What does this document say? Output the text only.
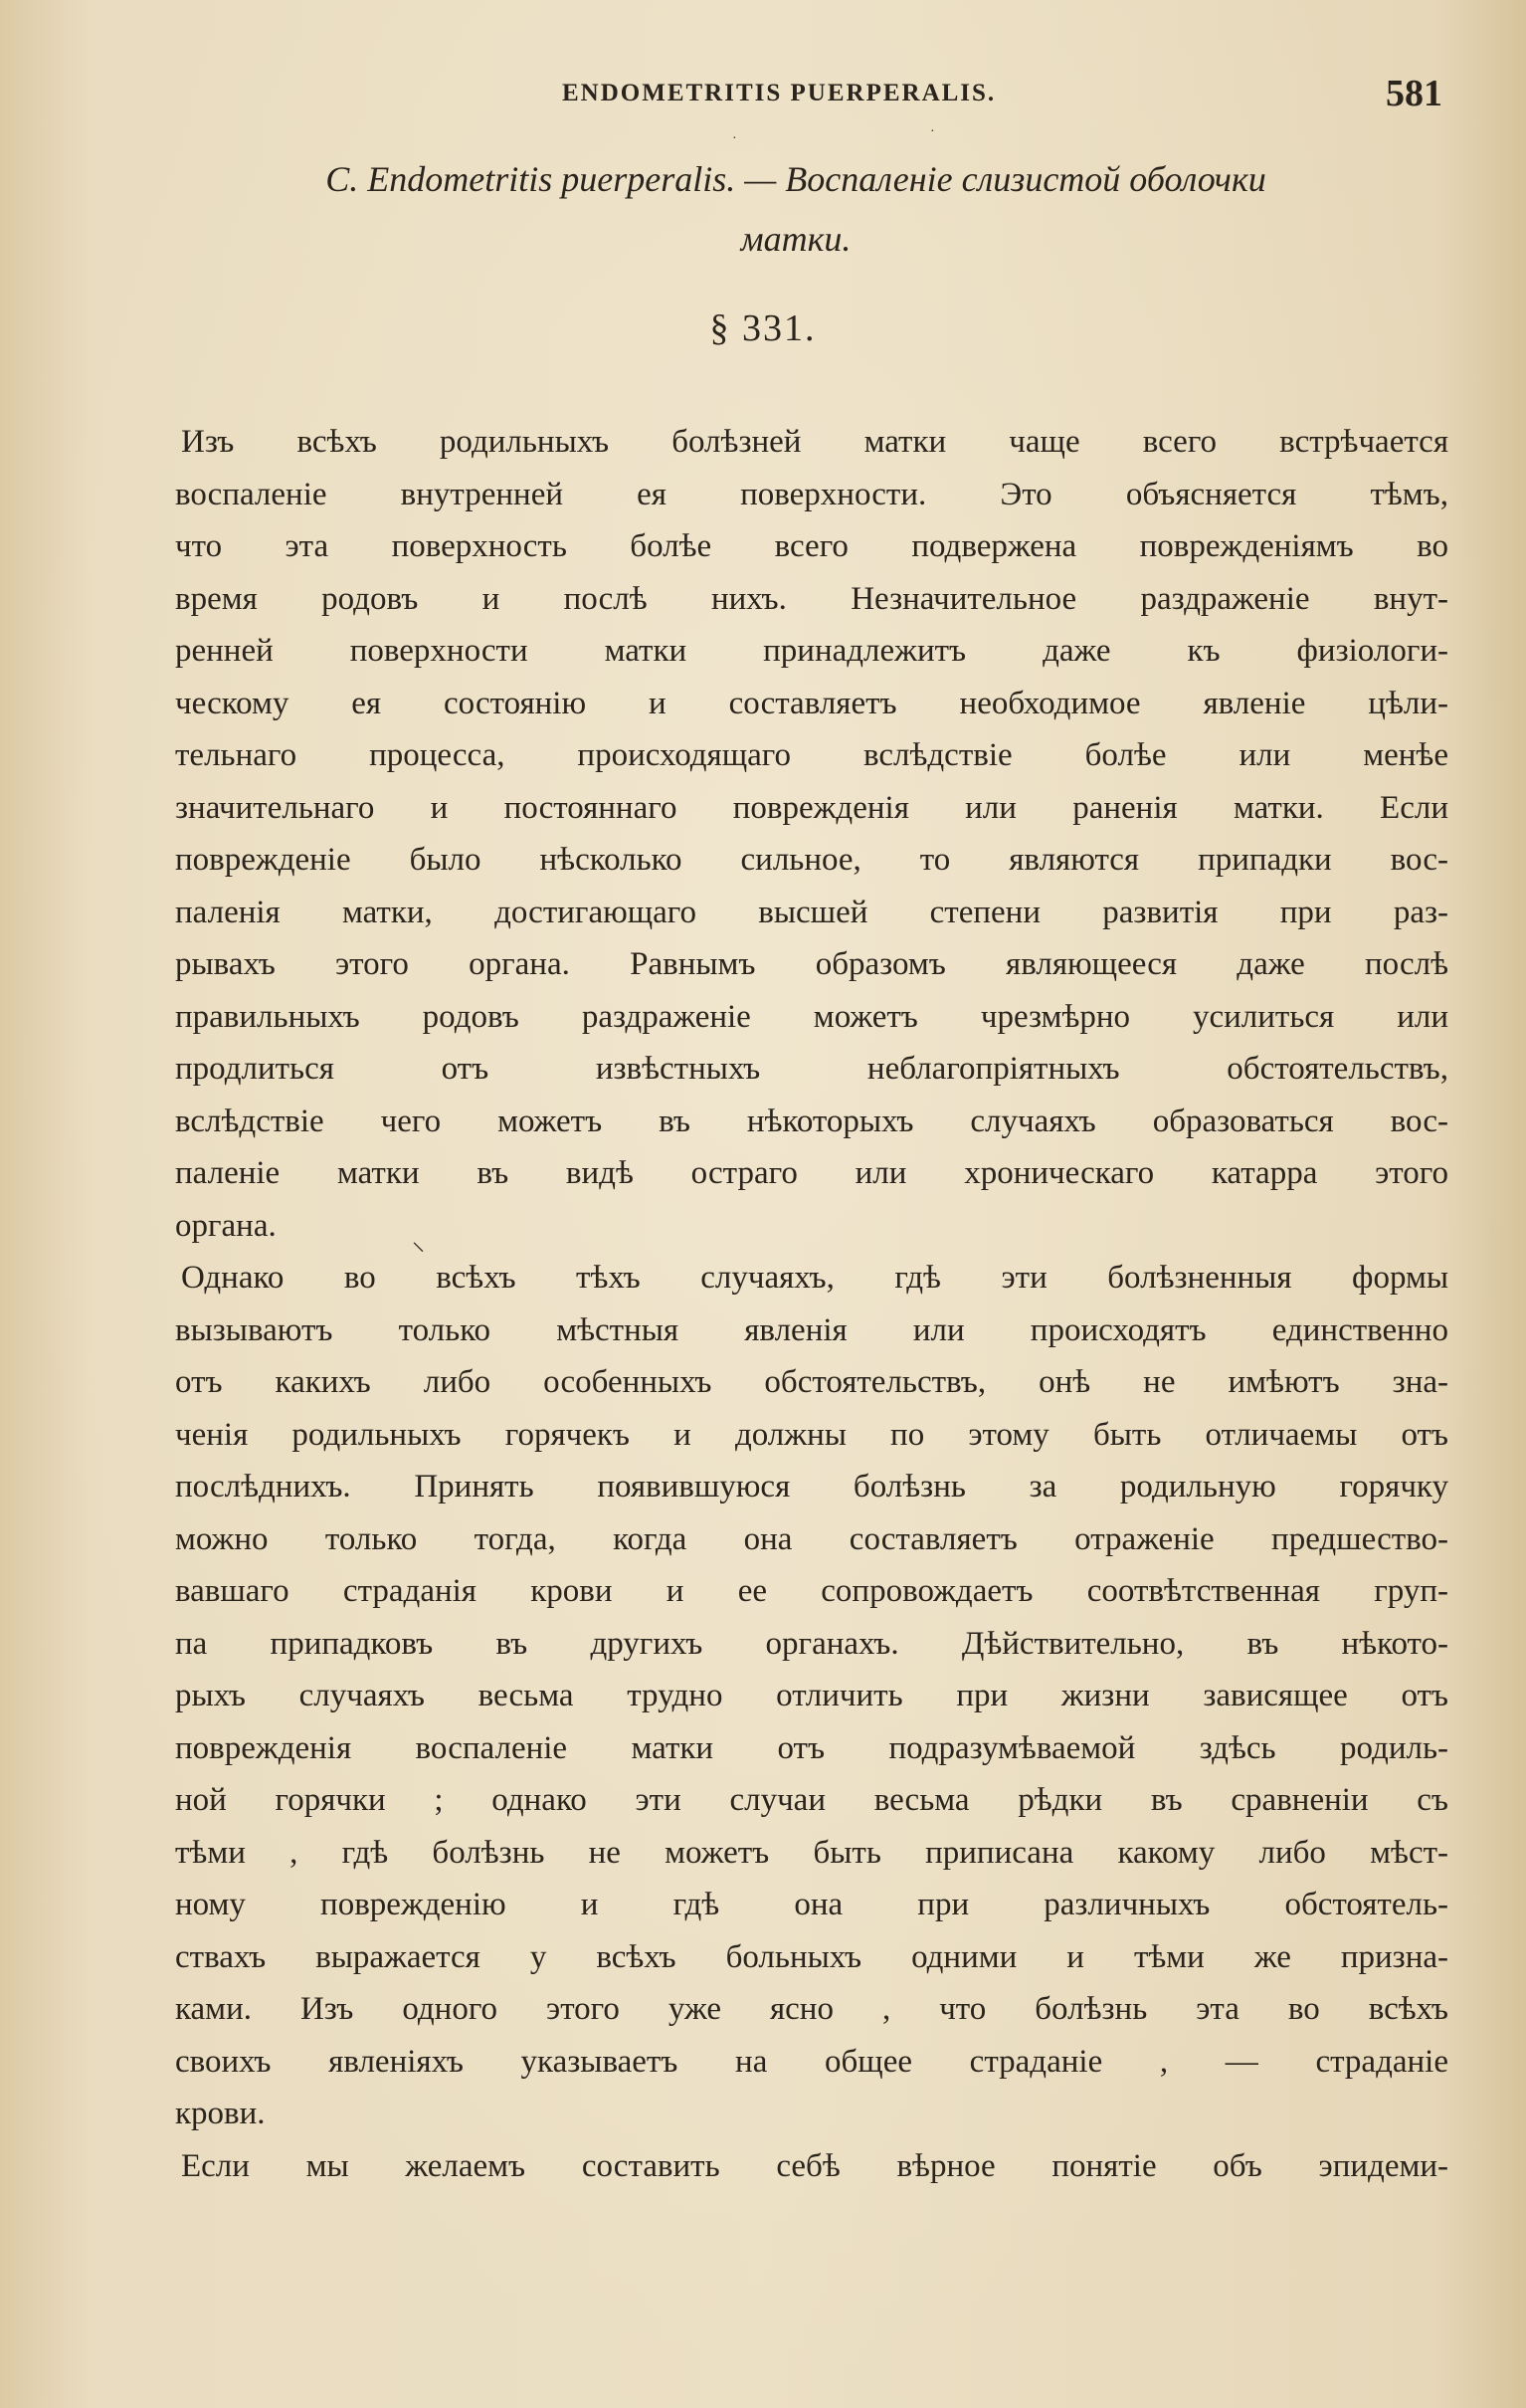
ENDOMETRITIS PUERPERALIS.	581
C. Endometritis puerperalis. — Воспаленіе слизистой оболочки
матки.
§ 331.
Изъ всѣхъ родильныхъ болѣзней матки чаще всего встрѣчается
воспаленіе внутренней ея поверхности. Это объясняется тѣмъ,
что эта поверхность болѣе всего подвержена поврежденіямъ во
время родовъ и послѣ нихъ. Незначительное раздраженіе внут-
ренней поверхности матки принадлежитъ даже къ физіологи-
ческому ея состоянію и составляетъ необходимое явленіе цѣли-
тельнаго процесса, происходящаго вслѣдствіе болѣе или менѣе
значительнаго и постояннаго поврежденія или раненія матки. Если
поврежденіе было нѣсколько сильное, то являются припадки вос-
паленія матки, достигающаго высшей степени развитія при раз-
рывахъ этого органа. Равнымъ образомъ являющееся даже послѣ
правильныхъ родовъ раздраженіе можетъ чрезмѣрно усилиться или
продлиться отъ извѣстныхъ неблагопріятныхъ обстоятельствъ,
вслѣдствіе чего можетъ въ нѣкоторыхъ случаяхъ образоваться вос-
паленіе матки въ видѣ остраго или хроническаго катарра этого
органа.
Однако во всѣхъ тѣхъ случаяхъ, гдѣ эти болѣзненныя формы
вызываютъ только мѣстныя явленія или происходятъ единственно
отъ какихъ либо особенныхъ обстоятельствъ, онѣ не имѣютъ зна-
ченія родильныхъ горячекъ и должны по этому быть отличаемы отъ
послѣднихъ. Принять появившуюся болѣзнь за родильную горячку
можно только тогда, когда она составляетъ отраженіе предшество-
вавшаго страданія крови и ее сопровождаетъ соотвѣтственная груп-
па припадковъ въ другихъ органахъ. Дѣйствительно, въ нѣкото-
рыхъ случаяхъ весьма трудно отличить при жизни зависящее отъ
поврежденія воспаленіе матки отъ подразумѣваемой здѣсь родиль-
ной горячки ; однако эти случаи весьма рѣдки въ сравненіи съ
тѣми , гдѣ болѣзнь не можетъ быть приписана какому либо мѣст-
ному поврежденію и гдѣ она при различныхъ обстоятель-
ствахъ выражается у всѣхъ больныхъ одними и тѣми же призна-
ками. Изъ одного этого уже ясно , что болѣзнь эта во всѣхъ
своихъ явленіяхъ указываетъ на общее страданіе , — страданіе
крови.
Если мы желаемъ составить себѣ вѣрное понятіе объ эпидеми-
⸜
·	·
